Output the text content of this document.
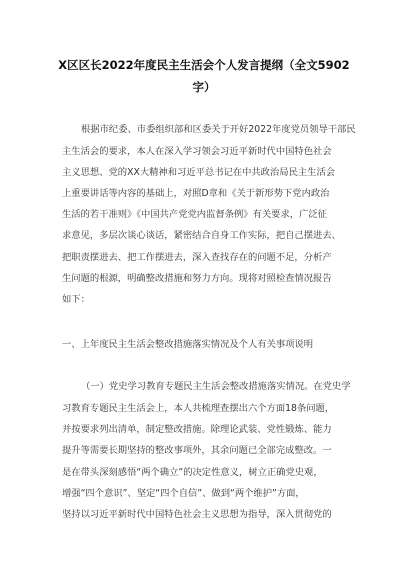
X区区长2022年度民主生活会个人发言提纲（全文5902
字）
根据市纪委、市委组织部和区委关于开好2022年度党员领导干部民
主生活会的要求，本人在深入学习领会习近平新时代中国特色社会
主义思想、党的XX大精神和习近平总书记在中共政治局民主生活会
上重要讲话等内容的基础上，对照D章和《关于新形势下党内政治
生活的若干准则》《中国共产党党内监督条例》有关要求，广泛征
求意见，多层次谈心谈话，紧密结合自身工作实际，把自己摆进去、
把职责摆进去、把工作摆进去，深入查找存在的问题不足，分析产
生问题的根源，明确整改措施和努力方向。现将对照检查情况报告
如下：
一、上年度民主生活会整改措施落实情况及个人有关事项说明
（一）党史学习教育专题民主生活会整改措施落实情况。在党史学
习教育专题民主生活会上，本人共梳理查摆出六个方面18条问题，
并按要求列出清单，制定整改措施。除理论武装、党性锻炼、能力
提升等需要长期坚持的整改事项外，其余问题已全部完成整改。一
是在带头深刻感悟“两个确立”的决定性意义，树立正确党史观，
增强“四个意识”、坚定“四个自信”、做到“两个维护”方面，
坚持以习近平新时代中国特色社会主义思想为指导，深入贯彻党的
